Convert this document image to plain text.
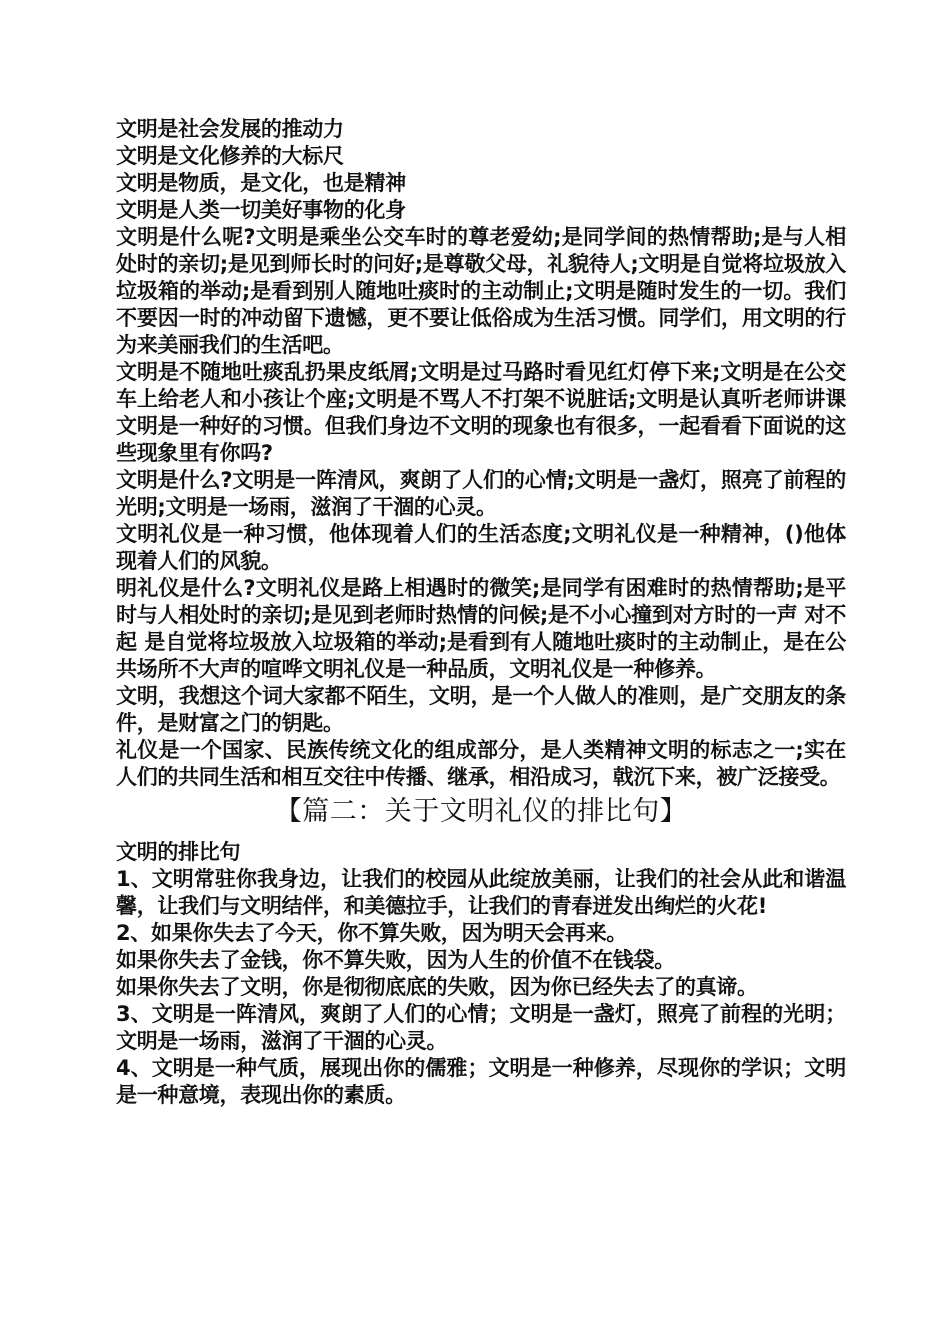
文明是社会发展的推动力

文明是文化修养的大标尺

文明是物质，是文化，也是精神

文明是人类一切美好事物的化身

文明是什么呢?文明是乘坐公交车时的尊老爱幼;是同学间的热情帮助;是与人相处时的亲切;是见到师长时的问好;是尊敬父母，礼貌待人;文明是自觉将垃圾放入垃圾箱的举动;是看到别人随地吐痰时的主动制止;文明是随时发生的一切。我们不要因一时的冲动留下遗憾，更不要让低俗成为生活习惯。同学们，用文明的行为来美丽我们的生活吧。

文明是不随地吐痰乱扔果皮纸屑;文明是过马路时看见红灯停下来;文明是在公交车上给老人和小孩让个座;文明是不骂人不打架不说脏话;文明是认真听老师讲课 文明是一种好的习惯。但我们身边不文明的现象也有很多，一起看看下面说的这些现象里有你吗?

文明是什么?文明是一阵清风，爽朗了人们的心情;文明是一盏灯，照亮了前程的光明;文明是一场雨，滋润了干涸的心灵。

文明礼仪是一种习惯，他体现着人们的生活态度;文明礼仪是一种精神，()他体现着人们的风貌。

明礼仪是什么?文明礼仪是路上相遇时的微笑;是同学有困难时的热情帮助;是平时与人相处时的亲切;是见到老师时热情的问候;是不小心撞到对方时的一声 对不起 是自觉将垃圾放入垃圾箱的举动;是看到有人随地吐痰时的主动制止，是在公共场所不大声的喧哗文明礼仪是一种品质，文明礼仪是一种修养。

文明，我想这个词大家都不陌生，文明，是一个人做人的准则，是广交朋友的条件，是财富之门的钥匙。

礼仪是一个国家、民族传统文化的组成部分，是人类精神文明的标志之一;实在人们的共同生活和相互交往中传播、继承，相沿成习，戟沉下来，被广泛接受。

【篇二：关于文明礼仪的排比句】

文明的排比句

1、文明常驻你我身边，让我们的校园从此绽放美丽，让我们的社会从此和谐温馨，让我们与文明结伴，和美德拉手，让我们的青春迸发出绚烂的火花!

2、如果你失去了今天，你不算失败，因为明天会再来。

如果你失去了金钱，你不算失败，因为人生的价值不在钱袋。

如果你失去了文明，你是彻彻底底的失败，因为你已经失去了的真谛。

3、文明是一阵清风，爽朗了人们的心情；文明是一盏灯，照亮了前程的光明；文明是一场雨，滋润了干涸的心灵。

4、文明是一种气质，展现出你的儒雅；文明是一种修养，尽现你的学识；文明是一种意境，表现出你的素质。
